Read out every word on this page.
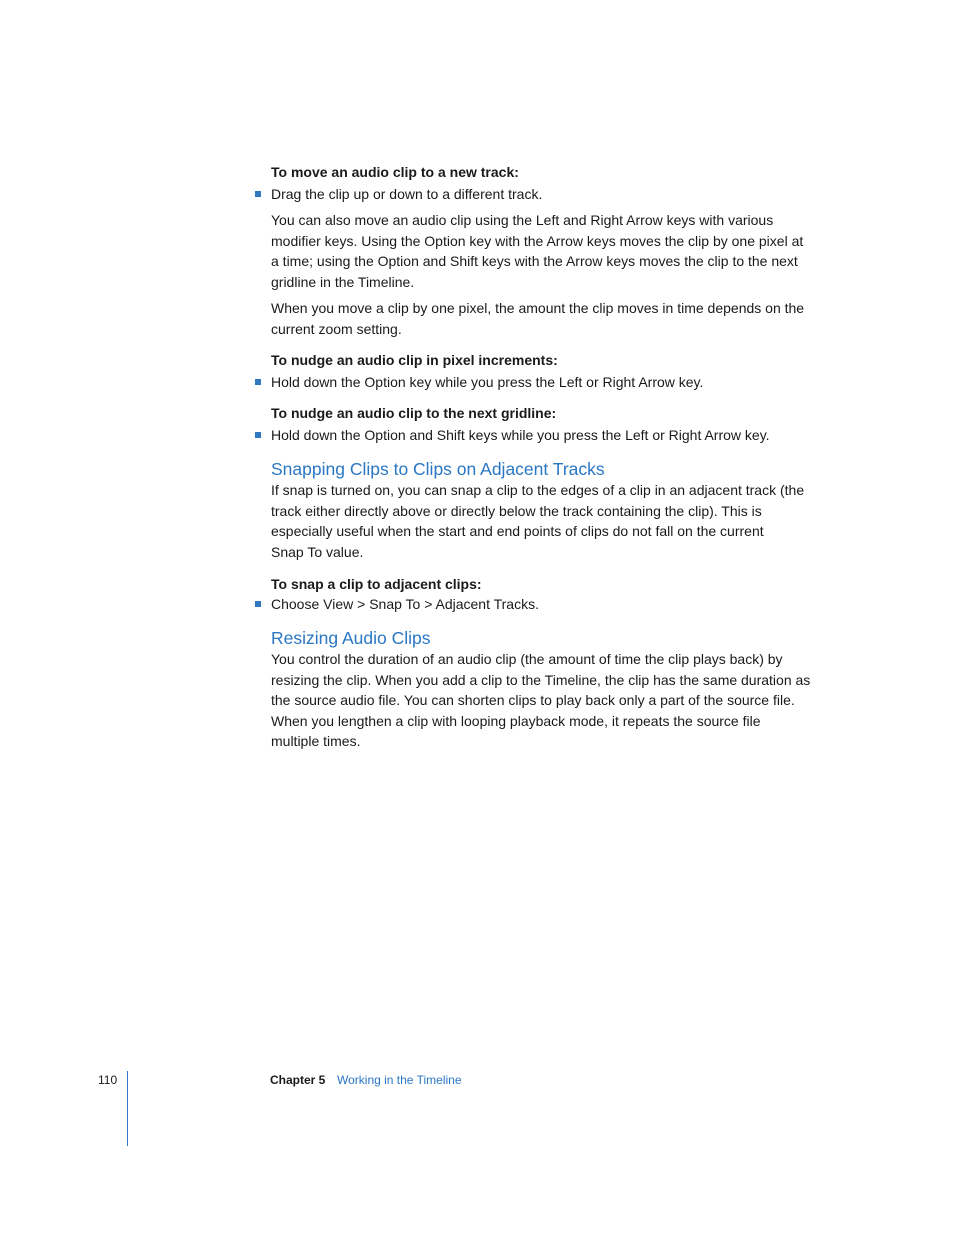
To move an audio clip to a new track:

Drag the clip up or down to a different track.

You can also move an audio clip using the Left and Right Arrow keys with various
modifier keys. Using the Option key with the Arrow keys moves the clip by one pixel at
a time; using the Option and Shift keys with the Arrow keys moves the clip to the next
gridline in the Timeline.

When you move a clip by one pixel, the amount the clip moves in time depends on the
current zoom setting.

To nudge an audio clip in pixel increments:

Hold down the Option key while you press the Left or Right Arrow key.

To nudge an audio clip to the next gridline:

Hold down the Option and Shift keys while you press the Left or Right Arrow key.

Snapping Clips to Clips on Adjacent Tracks

If snap is turned on, you can snap a clip to the edges of a clip in an adjacent track (the
track either directly above or directly below the track containing the clip). This is
especially useful when the start and end points of clips do not fall on the current
Snap To value.

To snap a clip to adjacent clips:

Choose View > Snap To > Adjacent Tracks.

Resizing Audio Clips

You control the duration of an audio clip (the amount of time the clip plays back) by
resizing the clip. When you add a clip to the Timeline, the clip has the same duration as
the source audio file. You can shorten clips to play back only a part of the source file.
When you lengthen a clip with looping playback mode, it repeats the source file
multiple times.

110	Chapter 5 Working in the Timeline
